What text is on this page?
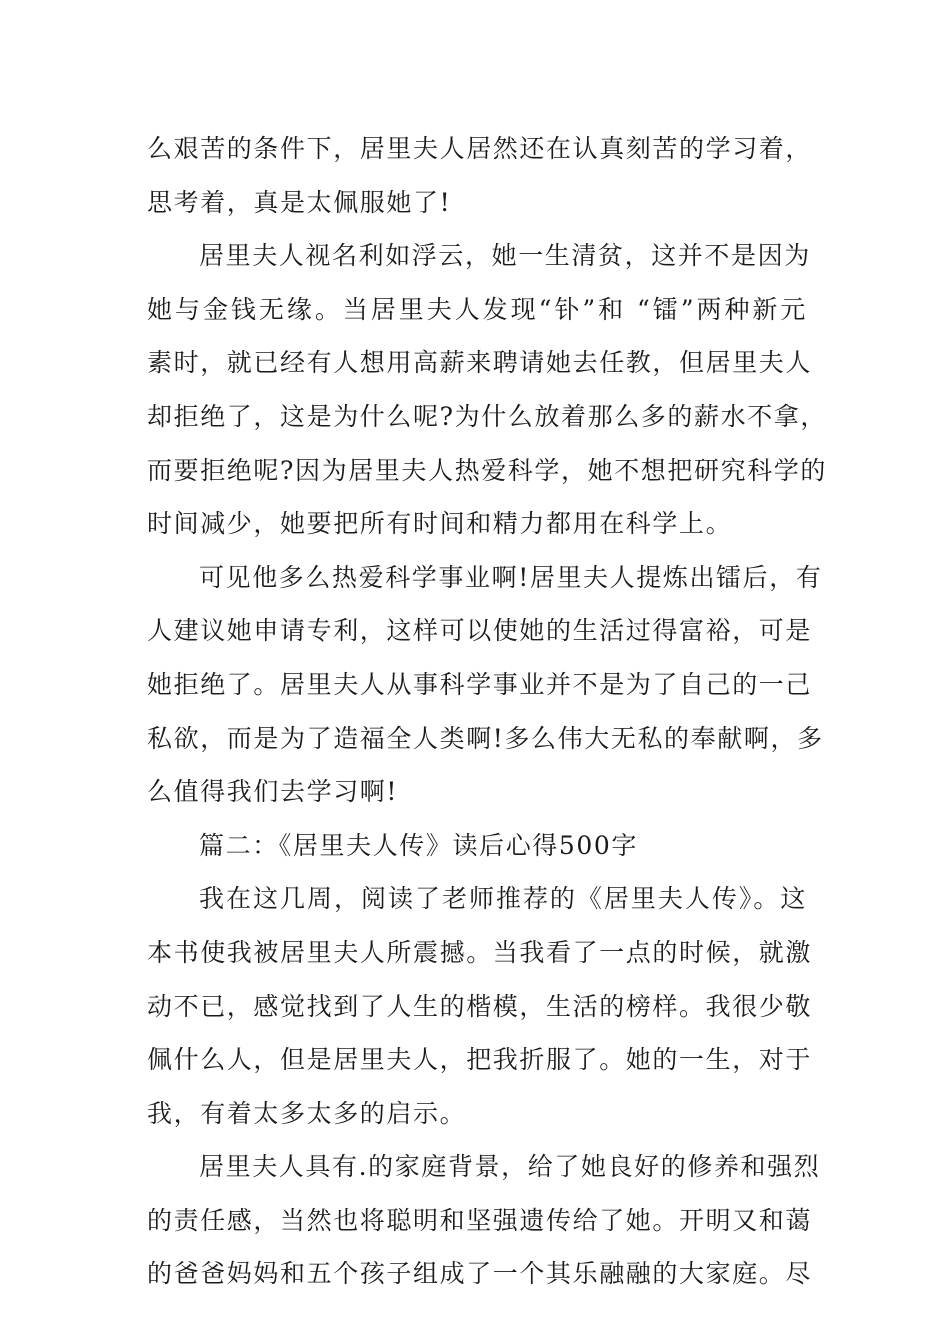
么艰苦的条件下，居里夫人居然还在认真刻苦的学习着，
思考着，真是太佩服她了!
居里夫人视名利如浮云，她一生清贫，这并不是因为
她与金钱无缘。当居里夫人发现“钋”和 “镭”两种新元
素时，就已经有人想用高薪来聘请她去任教，但居里夫人
却拒绝了，这是为什么呢?为什么放着那么多的薪水不拿，
而要拒绝呢?因为居里夫人热爱科学，她不想把研究科学的
时间减少，她要把所有时间和精力都用在科学上。
可见他多么热爱科学事业啊!居里夫人提炼出镭后，有
人建议她申请专利，这样可以使她的生活过得富裕，可是
她拒绝了。居里夫人从事科学事业并不是为了自己的一己
私欲，而是为了造福全人类啊!多么伟大无私的奉献啊，多
么值得我们去学习啊!
篇二：《居里夫人传》读后心得500字
我在这几周，阅读了老师推荐的《居里夫人传》。这
本书使我被居里夫人所震撼。当我看了一点的时候，就激
动不已，感觉找到了人生的楷模，生活的榜样。我很少敬
佩什么人，但是居里夫人，把我折服了。她的一生，对于
我，有着太多太多的启示。
居里夫人具有.的家庭背景，给了她良好的修养和强烈
的责任感，当然也将聪明和坚强遗传给了她。开明又和蔼
的爸爸妈妈和五个孩子组成了一个其乐融融的大家庭。尽
